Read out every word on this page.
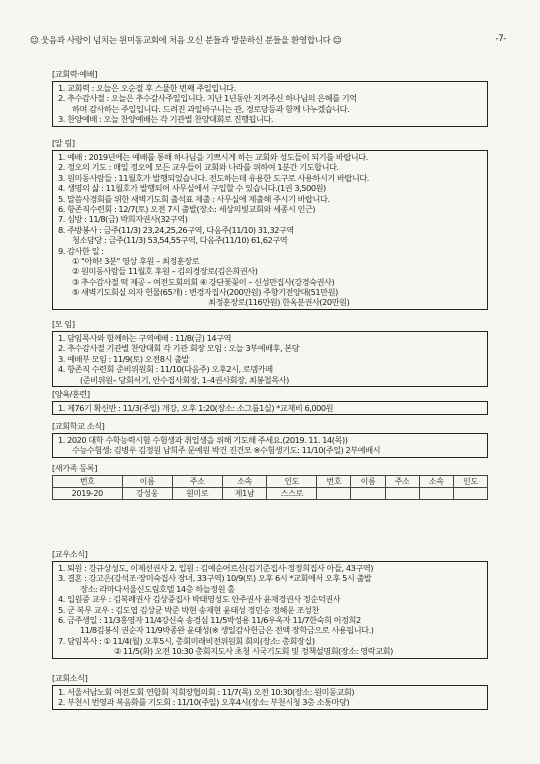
☺ 웃음과 사랑이 넘치는 원미동교회에 처음 오신 분들과 방문하신 분들을 환영합니다 ☺	-7-
[교회력·예배]
1. 교회력 : 오늘은 오순절 후 스물한 번째 주일입니다.
2. 추수감사절 : 오늘은 추수감사주일입니다. 지난 1년동안 지켜주신 하나님의 은혜를 기억
하며 감사하는 주일입니다. 드려진 과일바구니는 관, 경로당등과 함께 나누겠습니다.
3. 찬양예배 : 오늘 찬양예배는 각 기관별 찬양대회로 진행됩니다.
[알 림]
1. 예배 : 2019년에는 예배를 통해 하나님을 기쁘시게 하는 교회와 성도들이 되기를 바랍니다.
2. 정오의 기도 : 매일 정오에 모든 교우들이 교회와 나라를 위하여 1분간 기도합니다.
3. 원미동사람들 : 11월호가 발행되었습니다. 전도하는데 유용한 도구로 사용하시기 바랍니다.
4. 생명의 삶 : 11월호가 발행되어 사무실에서 구입할 수 있습니다.(1권 3,500원)
5. 말씀사경회를 위한 새벽기도회 출석표 제출 : 사무실에 제출해 주시기 바랍니다.
6. 항존직수련회 : 12/7(토) 오전 7시 출발(장소: 세상의빛교회와 세종시 인근)
7. 심방 : 11/8(금) 박희자권사(32구역)
8. 주방봉사 : 금주(11/3) 23,24,25,26구역, 다음주(11/10) 31,32구역
청소담당 : 금주(11/3) 53,54,55구역, 다음주(11/10) 61,62구역
9. 감사한 일 :
① "아하! 3분" 영상 후원 – 최정훈장로
② 원미동사람들 11월호 후원 – 김의경장로(김은희권사)
③ 추수감사절 떡 제공 – 여전도회의회 ④ 강단꽃꽂이 – 신성만집사(강경숙권사)
⑤ 새벽기도회실 의자 헌물(65개) : 변경자집사(200만원) 주향기전양대(51만원)
최정훈장로(116만원) 한옥분권사(20만원)
[모 임]
1. 담임목사와 함께하는 구역예배 : 11/8(금) 14구역
2. 추수감사절 기관별 찬양대회 각 기관 회장 모임 : 오늘 3부예배후, 본당
3. 예배부 모임 : 11/9(토) 오전8시 출발
4. 항존직 수련회 준비위원회 : 11/10(다음주) 오후2시, 로뎀카페
(준비위원– 당회서기, 안수집사회장, 1–4권사회장, 최봉철목사)
[양육/훈련]
1. 제76기 확신반 : 11/3(주일) 개강, 오후 1:20(장소: 소그룹1실) *교재비 6,000원
[교회학교 소식]
1. 2020 대학 수학능력시험 수험생과 취업생을 위해 기도해 주세요.(2019. 11. 14(목))
수능수험생: 김병우 김정원 남희주 문예원 박건 진건모 ※수험생기도: 11/10(주일) 2부예배시
[새가족 등록]
번호	이름	주소	소속	인도	번호	이름	주소	소속	인도
2019-20	강성웅	원미로	제1남	스스로					
[교우소식]
1. 퇴원 : 강규상성도, 이제선권사 2. 입원 : 김예순어르신(김기준집사·정정희집사 아들, 43구역)
3. 결혼 : 강고은(강석조·장미숙집사 장녀, 33구역) 10/9(토) 오후 6시 *교회에서 오후 5시 출발
장소: 라마다서울신도림호텔 14층 하늘정원 홀
4. 입원중 교우 : 김복례권사 김상중집사 박태영성도 안주권사 윤재경권사 정순덕권사
5. 군 복무 교우 : 김도엽 김상균 박준 박현 송재현 윤태성 정민승 정혜운 조성찬
6. 금주생일 : 11/3홍영자 11/4강신숙 송경심 11/5박성용 11/6우옥자 11/7한숙희 이정희2
11/8김봉식 권순자 11/9박종완 윤태성(※ 생일감사헌금은 전액 장학금으로 사용됩니다.)
7. 담임목사 : ① 11/4(월) 오후5시, 총회미래비전위원회 회의(장소: 총회장실)
② 11/5(화) 오전 10:30 총회지도사 초청 시국기도회 및 정책설명회(장소: 영락교회)
[교회소식]
1. 서울서남노회 여전도회 연합회 지회장협의회 : 11/7(목) 오전 10:30(장소: 원미동교회)
2. 부천시 번영과 복음화를 기도회 : 11/10(주일) 오후4시(장소: 부천시청 3층 소통마당)
